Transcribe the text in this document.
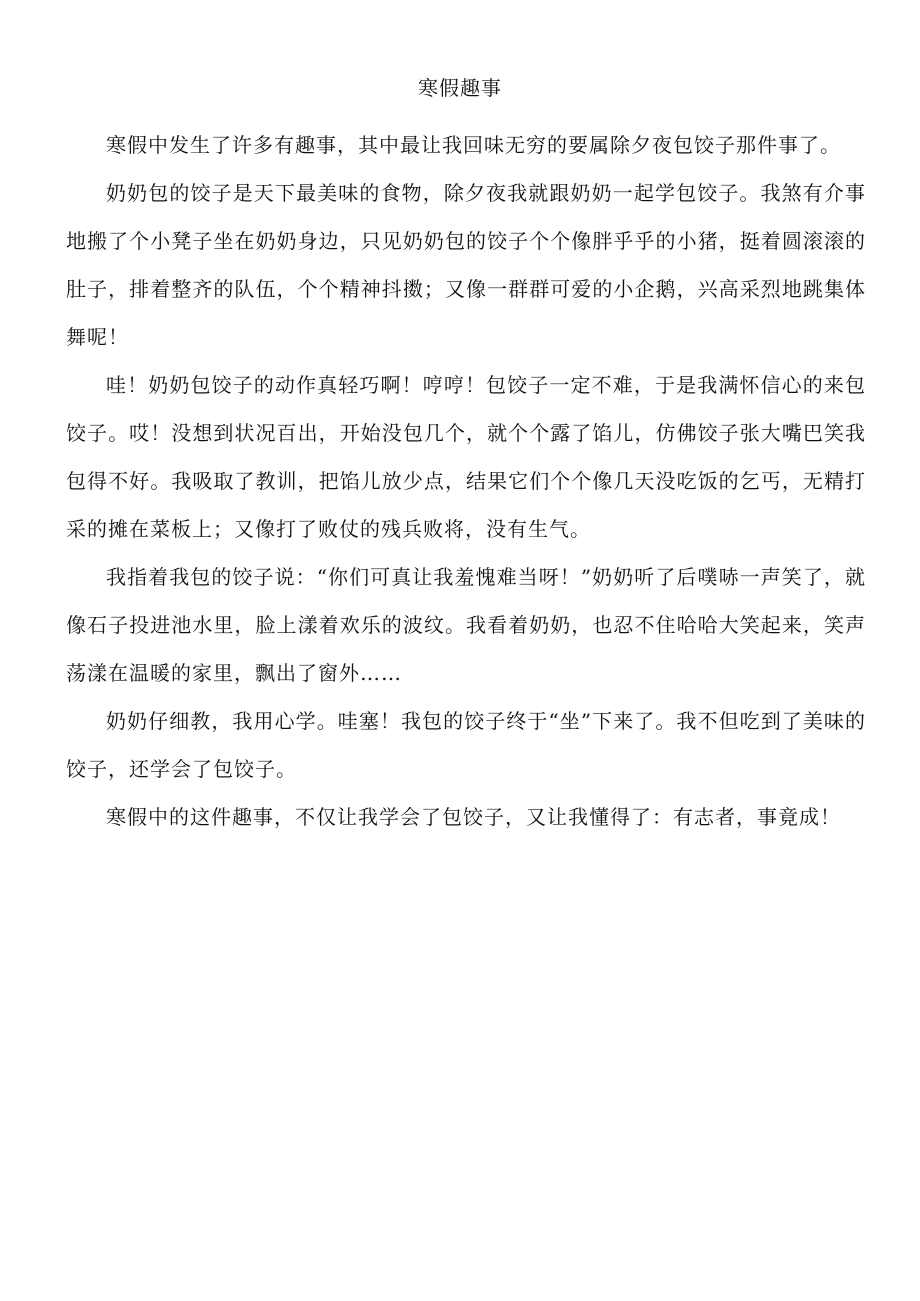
寒假趣事

寒假中发生了许多有趣事，其中最让我回味无穷的要属除夕夜包饺子那件事了。

奶奶包的饺子是天下最美味的食物，除夕夜我就跟奶奶一起学包饺子。我煞有介事地搬了个小凳子坐在奶奶身边，只见奶奶包的饺子个个像胖乎乎的小猪，挺着圆滚滚的肚子，排着整齐的队伍，个个精神抖擞；又像一群群可爱的小企鹅，兴高采烈地跳集体舞呢！

哇！奶奶包饺子的动作真轻巧啊！哼哼！包饺子一定不难，于是我满怀信心的来包饺子。哎！没想到状况百出，开始没包几个，就个个露了馅儿，仿佛饺子张大嘴巴笑我包得不好。我吸取了教训，把馅儿放少点，结果它们个个像几天没吃饭的乞丐，无精打采的摊在菜板上；又像打了败仗的残兵败将，没有生气。

我指着我包的饺子说：“你们可真让我羞愧难当呀！”奶奶听了后噗哧一声笑了，就像石子投进池水里，脸上漾着欢乐的波纹。我看着奶奶，也忍不住哈哈大笑起来，笑声荡漾在温暖的家里，飘出了窗外……

奶奶仔细教，我用心学。哇塞！我包的饺子终于“坐”下来了。我不但吃到了美味的饺子，还学会了包饺子。

寒假中的这件趣事，不仅让我学会了包饺子，又让我懂得了：有志者，事竟成！
